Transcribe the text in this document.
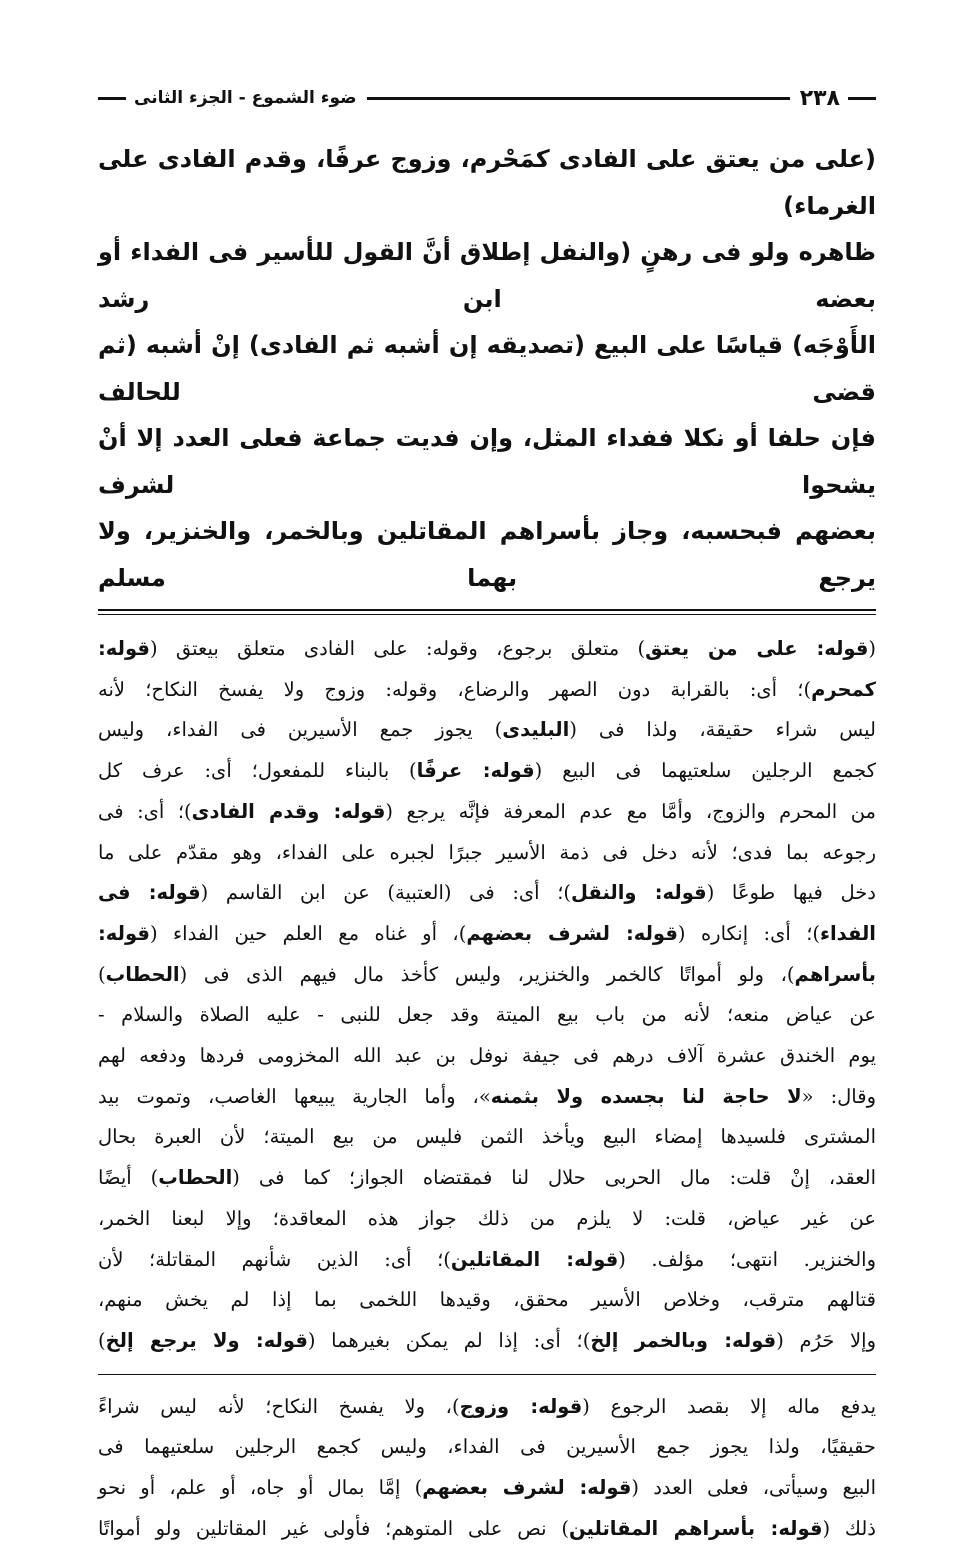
٢٣٨
ضوء الشموع - الجزء الثانى

(على من يعتق على الفادى كمَحْرم، وزوج عرفًا، وقدم الفادى على الغرماء)

ظاهره ولو فى رهنٍ (والنفل إطلاق أنَّ القول للأسير فى الفداء أو بعضه ابن رشد

الأَوْجَه) قياسًا على البيع (تصديقه إن أشبه ثم الفادى) إنْ أشبه (ثم قضى للحالف

فإن حلفا أو نكلا ففداء المثل، وإن فديت جماعة فعلى العدد إلا أنْ يشحوا لشرف

بعضهم فبحسبه، وجاز بأسراهم المقاتلين وبالخمر، والخنزير، ولا يرجع بهما مسلم

(قوله: على من يعتق) متعلق برجوع، وقوله: على الفادى متعلق بيعتق (قوله:

كمحرم)؛ أى: بالقرابة دون الصهر والرضاع، وقوله: وزوج ولا يفسخ النكاح؛ لأنه

ليس شراء حقيقة، ولذا فى (البليدى) يجوز جمع الأسيرين فى الفداء، وليس

كجمع الرجلين سلعتيهما فى البيع (قوله: عرفًا) بالبناء للمفعول؛ أى: عرف كل

من المحرم والزوج، وأمَّا مع عدم المعرفة فإنَّه يرجع (قوله: وقدم الفادى)؛ أى: فى

رجوعه بما فدى؛ لأنه دخل فى ذمة الأسير جبرًا لجبره على الفداء، وهو مقدّم على ما

دخل فيها طوعًا (قوله: والنقل)؛ أى: فى (العتبية) عن ابن القاسم (قوله: فى

الفداء)؛ أى: إنكاره (قوله: لشرف بعضهم)، أو غناه مع العلم حين الفداء (قوله:

بأسراهم)، ولو أمواتًا كالخمر والخنزير، وليس كأخذ مال فيهم الذى فى (الحطاب)

عن عياض منعه؛ لأنه من باب بيع الميتة وقد جعل للنبى - عليه الصلاة والسلام -

يوم الخندق عشرة آلاف درهم فى جيفة نوفل بن عبد الله المخزومى فردها ودفعه لهم

وقال: «لا حاجة لنا بجسده ولا بثمنه»، وأما الجارية يبيعها الغاصب، وتموت بيد

المشترى فلسيدها إمضاء البيع ويأخذ الثمن فليس من بيع الميتة؛ لأن العبرة بحال

العقد، إنْ قلت: مال الحربى حلال لنا فمقتضاه الجواز؛ كما فى (الحطاب) أيضًا

عن غير عياض، قلت: لا يلزم من ذلك جواز هذه المعاقدة؛ وإلا لبعنا الخمر،

والخنزير. انتهى؛ مؤلف. (قوله: المقاتلين)؛ أى: الذين شأنهم المقاتلة؛ لأن

قتالهم مترقب، وخلاص الأسير محقق، وقيدها اللخمى بما إذا لم يخش منهم،

وإلا حَرُم (قوله: وبالخمر إلخ)؛ أى: إذا لم يمكن بغيرهما (قوله: ولا يرجع إلخ)

يدفع ماله إلا بقصد الرجوع (قوله: وزوج)، ولا يفسخ النكاح؛ لأنه ليس شراءً

حقيقيًا، ولذا يجوز جمع الأسيرين فى الفداء، وليس كجمع الرجلين سلعتيهما فى

البيع وسيأتى، فعلى العدد (قوله: لشرف بعضهم) إمَّا بمال أو جاه، أو علم، أو نحو

ذلك (قوله: بأسراهم المقاتلين) نص على المتوهم؛ فأولى غير المقاتلين ولو أمواتًا
